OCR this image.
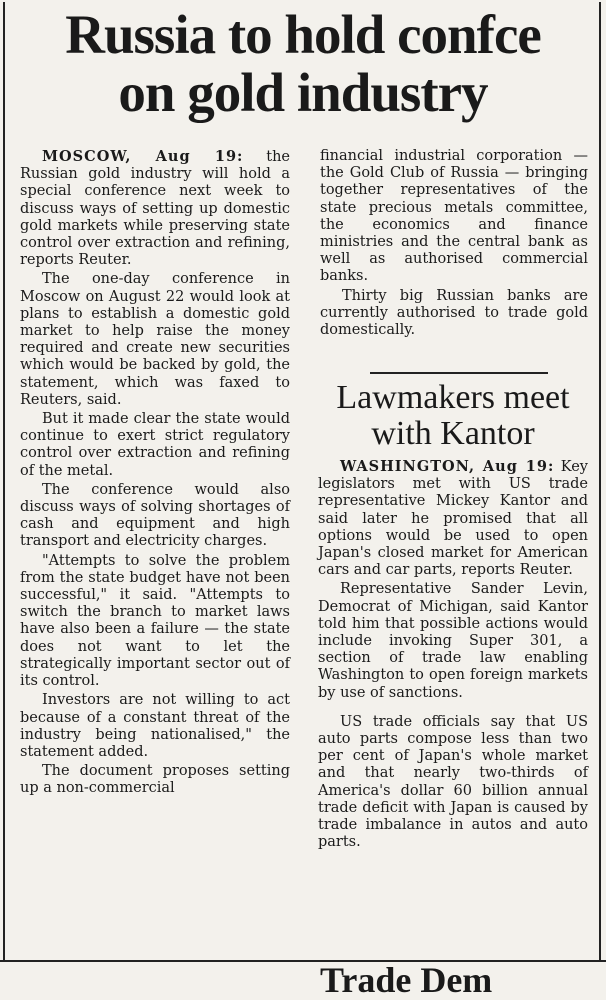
Russia to hold confce
on gold industry

MOSCOW, Aug 19: the Russian gold industry will hold a special conference next week to discuss ways of setting up domestic gold markets while preserving state control over extraction and refining, reports Reuter.

The one-day conference in Moscow on August 22 would look at plans to establish a domestic gold market to help raise the money required and create new securities which would be backed by gold, the statement, which was faxed to Reuters, said.

But it made clear the state would continue to exert strict regulatory control over extraction and refining of the metal.

The conference would also discuss ways of solving shortages of cash and equipment and high transport and electricity charges.

"Attempts to solve the problem from the state budget have not been successful," it said. "Attempts to switch the branch to market laws have also been a failure — the state does not want to let the strategically important sector out of its control.

Investors are not willing to act because of a constant threat of the industry being nationalised," the statement added.

The document proposes setting up a non-commercial

financial industrial corporation — the Gold Club of Russia — bringing together representatives of the state precious metals committee, the economics and finance ministries and the central bank as well as authorised commercial banks.

Thirty big Russian banks are currently authorised to trade gold domestically.

Lawmakers meet
with Kantor

WASHINGTON, Aug 19: Key legislators met with US trade representative Mickey Kantor and said later he promised that all options would be used to open Japan's closed market for American cars and car parts, reports Reuter.

Representative Sander Levin, Democrat of Michigan, said Kantor told him that possible actions would include invoking Super 301, a section of trade law enabling Washington to open foreign markets by use of sanctions.

US trade officials say that US auto parts compose less than two per cent of Japan's whole market and that nearly two-thirds of America's dollar 60 billion annual trade deficit with Japan is caused by trade imbalance in autos and auto parts.

Trade Dem
